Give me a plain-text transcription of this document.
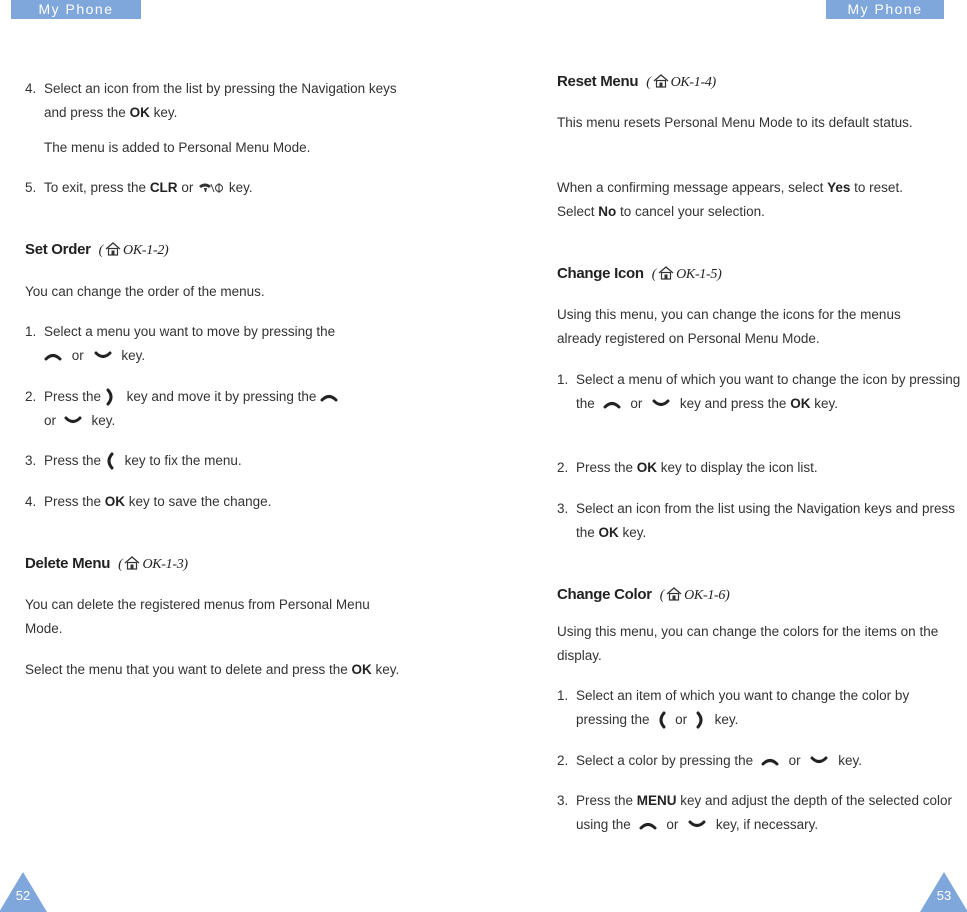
My Phone	My Phone
4.Select an icon from the list by pressing the Navigation keys and press the OK key.
The menu is added to Personal Menu Mode.
5.To exit, press the CLR or  key.
Set Order ( OK-1-2)
You can change the order of the menus.
1. Select a menu you want to move by pressing the
or	key.
2. Press the key and move it by pressing the
or	key.
3. Press the key to fix the menu.
4. Press the OK key to save the change.
Delete Menu ( OK-1-3)
You can delete the registered menus from Personal Menu Mode.
Select the menu that you want to delete and press the OK key.
Reset Menu ( OK-1-4)
This menu resets Personal Menu Mode to its default status.
When a confirming message appears, select Yes to reset. Select No to cancel your selection.
Change Icon ( OK-1-5)
Using this menu, you can change the icons for the menus already registered on Personal Menu Mode.
1. Select a menu of which you want to change the icon by pressing the	or	key and press the OK key.
2. Press the OK key to display the icon list.
3. Select an icon from the list using the Navigation keys and press the OK key.
Change Color ( OK-1-6)
Using this menu, you can change the colors for the items on the display.
1. Select an item of which you want to change the color by pressing the or key.
2. Select a color by pressing the	or	key.
3. Press the MENU key and adjust the depth of the selected color using the	or	key, if necessary.
52	53
